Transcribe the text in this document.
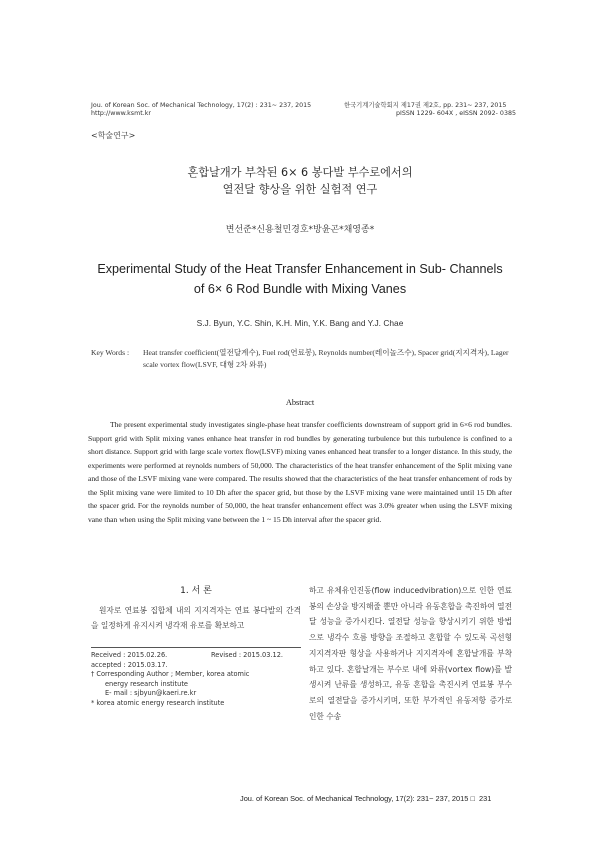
Jou. of Korean Soc. of Mechanical Technology, 17(2) : 231~ 237, 2015
http://www.ksmt.kr
한국기계기술학회지 제17권 제2호, pp. 231~ 237, 2015
pISSN 1229- 604X , eISSN 2092- 0385
<학술연구>
혼합날개가 부착된 6× 6 봉다발 부수로에서의
열전달 향상을 위한 실험적 연구
변선준*신용철민경호*방윤곤*채영종*
Experimental Study of the Heat Transfer Enhancement in Sub- Channels
of 6× 6 Rod Bundle with Mixing Vanes
S.J. Byun, Y.C. Shin, K.H. Min, Y.K. Bang and Y.J. Chae
Key Words : Heat transfer coefficient(열전달계수), Fuel rod(연료봉), Reynolds number(레이놀즈수), Spacer grid(지지격자), Lager scale vortex flow(LSVF, 대형 2차 와류)
Abstract
The present experimental study investigates single-phase heat transfer coefficients downstream of support grid in 6×6 rod bundles. Support grid with Split mixing vanes enhance heat transfer in rod bundles by generating turbulence but this turbulence is confined to a short distance. Support grid with large scale vortex flow(LSVF) mixing vanes enhanced heat transfer to a longer distance. In this study, the experiments were performed at reynolds numbers of 50,000. The characteristics of the heat transfer enhancement of the Split mixing vane and those of the LSVF mixing vane were compared. The results showed that the characteristics of the heat transfer enhancement of rods by the Split mixing vane were limited to 10 Dh after the spacer grid, but those by the LSVF mixing vane were maintained until 15 Dh after the spacer grid. For the reynolds number of 50,000, the heat transfer enhancement effect was 3.0% greater when using the LSVF mixing vane than when using the Split mixing vane between the 1 ~ 15 Dh interval after the spacer grid.
1. 서 론
원자로 연료봉 집합체 내의 지지격자는 연료 봉다발의 간격을 일정하게 유지시켜 냉각재 유로를 확보하고
하고 유체유인진동(flow inducedvibration)으로 인한 연료봉의 손상을 방지해줄 뿐만 아니라 유동혼합을 촉진하여 열전달 성능을 증가시킨다. 열전달 성능을 향상시키기 위한 방법으로 냉각수 흐름 방향을 조절하고 혼합할 수 있도록 곡선형 지지격자판 형상을 사용하거나 지지격자에 혼합날개를 부착하고 있다. 혼합날개는 부수로 내에 와류(vortex flow)를 발생시켜 난류를 생성하고, 유동 혼합을 촉진시켜 연료봉 부수로의 열전달을 증가시키며, 또한 부가적인 유동저항 증가로 인한 수송
Received : 2015.02.26.	Revised : 2015.03.12.
accepted : 2015.03.17.
† Corresponding Author ; Member, korea atomic
energy research institute
E- mail : sjbyun@kaeri.re.kr
* korea atomic energy research institute
Jou. of Korean Soc. of Mechanical Technology, 17(2): 231~ 237, 2015 □ 231
